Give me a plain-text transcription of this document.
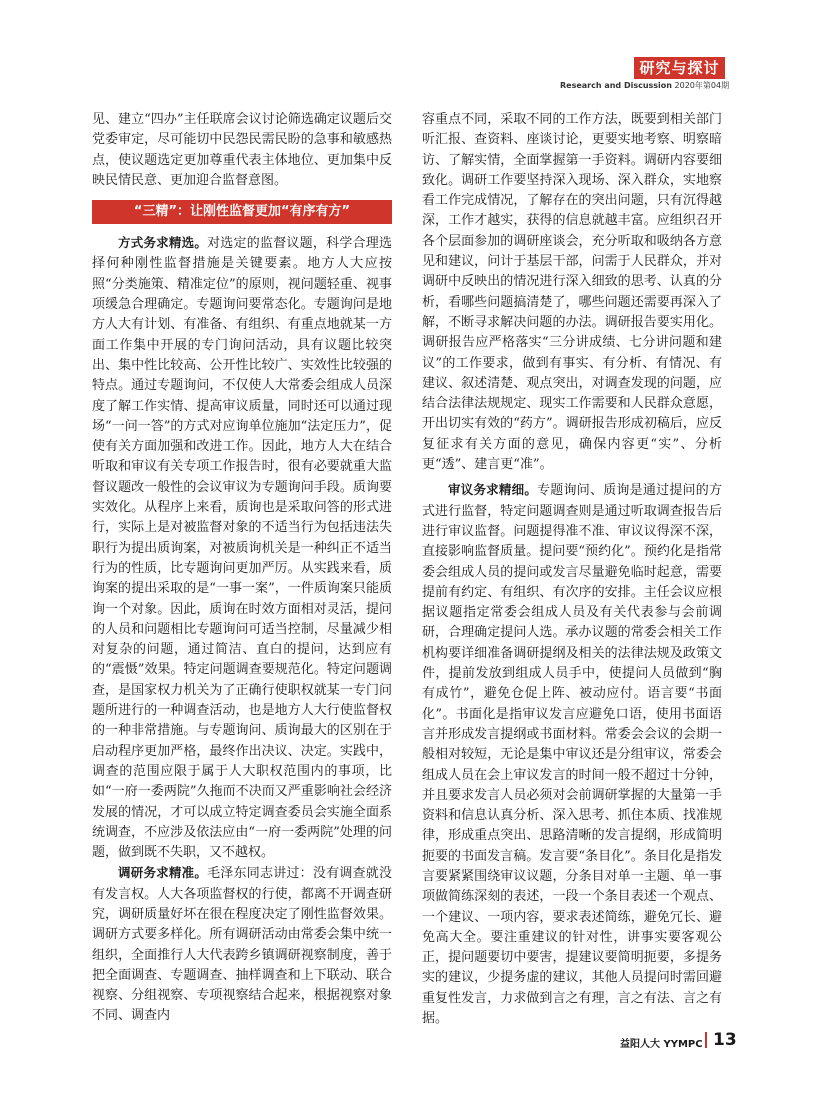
研究与探讨
Research and Discussion 2020年第04期

见、建立“四办”主任联席会议讨论筛选确定议题后交党委审定，尽可能切中民怨民需民盼的急事和敏感热点，使议题选定更加尊重代表主体地位、更加集中反映民情民意、更加迎合监督意图。

“三精”：让刚性监督更加“有序有方”

方式务求精选。对选定的监督议题，科学合理选择何种刚性监督措施是关键要素。地方人大应按照“分类施策、精准定位”的原则，视问题轻重、视事项缓急合理确定。专题询问要常态化。专题询问是地方人大有计划、有准备、有组织、有重点地就某一方面工作集中开展的专门询问活动，具有议题比较突出、集中性比较高、公开性比较广、实效性比较强的特点。通过专题询问，不仅使人大常委会组成人员深度了解工作实情、提高审议质量，同时还可以通过现场“一问一答”的方式对应询单位施加“法定压力”，促使有关方面加强和改进工作。因此，地方人大在结合听取和审议有关专项工作报告时，很有必要就重大监督议题改一般性的会议审议为专题询问手段。质询要实效化。从程序上来看，质询也是采取问答的形式进行，实际上是对被监督对象的不适当行为包括违法失职行为提出质询案，对被质询机关是一种纠正不适当行为的性质，比专题询问更加严厉。从实践来看，质询案的提出采取的是“一事一案”，一件质询案只能质询一个对象。因此，质询在时效方面相对灵活，提问的人员和问题相比专题询问可适当控制，尽量减少相对复杂的问题，通过简洁、直白的提问，达到应有的“震慑”效果。特定问题调查要规范化。特定问题调查，是国家权力机关为了正确行使职权就某一专门问题所进行的一种调查活动，也是地方人大行使监督权的一种非常措施。与专题询问、质询最大的区别在于启动程序更加严格，最终作出决议、决定。实践中，调查的范围应限于属于人大职权范围内的事项，比如“一府一委两院”久拖而不决而又严重影响社会经济发展的情况，才可以成立特定调查委员会实施全面系统调查，不应涉及依法应由“一府一委两院”处理的问题，做到既不失职，又不越权。

调研务求精准。毛泽东同志讲过：没有调查就没有发言权。人大各项监督权的行使，都离不开调查研究，调研质量好坏在很在程度决定了刚性监督效果。调研方式要多样化。所有调研活动由常委会集中统一组织，全面推行人大代表跨乡镇调研视察制度，善于把全面调查、专题调查、抽样调查和上下联动、联合视察、分组视察、专项视察结合起来，根据视察对象不同、调查内

容重点不同，采取不同的工作方法，既要到相关部门听汇报、查资料、座谈讨论，更要实地考察、明察暗访、了解实情，全面掌握第一手资料。调研内容要细致化。调研工作要坚持深入现场、深入群众，实地察看工作完成情况，了解存在的突出问题，只有沉得越深，工作才越实，获得的信息就越丰富。应组织召开各个层面参加的调研座谈会，充分听取和吸纳各方意见和建议，问计于基层干部，问需于人民群众，并对调研中反映出的情况进行深入细致的思考、认真的分析，看哪些问题搞清楚了，哪些问题还需要再深入了解，不断寻求解决问题的办法。调研报告要实用化。调研报告应严格落实“三分讲成绩、七分讲问题和建议”的工作要求，做到有事实、有分析、有情况、有建议、叙述清楚、观点突出，对调查发现的问题，应结合法律法规规定、现实工作需要和人民群众意愿，开出切实有效的“药方”。调研报告形成初稿后，应反复征求有关方面的意见，确保内容更“实”、分析更“透”、建言更“准”。

审议务求精细。专题询问、质询是通过提问的方式进行监督，特定问题调查则是通过听取调查报告后进行审议监督。问题提得准不准、审议议得深不深，直接影响监督质量。提问要“预约化”。预约化是指常委会组成人员的提问或发言尽量避免临时起意，需要提前有约定、有组织、有次序的安排。主任会议应根据议题指定常委会组成人员及有关代表参与会前调研，合理确定提问人选。承办议题的常委会相关工作机构要详细准备调研提纲及相关的法律法规及政策文件，提前发放到组成人员手中，使提问人员做到“胸有成竹”，避免仓促上阵、被动应付。语言要“书面化”。书面化是指审议发言应避免口语，使用书面语言并形成发言提纲或书面材料。常委会会议的会期一般相对较短，无论是集中审议还是分组审议，常委会组成人员在会上审议发言的时间一般不超过十分钟，并且要求发言人员必须对会前调研掌握的大量第一手资料和信息认真分析、深入思考、抓住本质、找准规律，形成重点突出、思路清晰的发言提纲，形成简明扼要的书面发言稿。发言要“条目化”。条目化是指发言要紧紧围绕审议议题，分条目对单一主题、单一事项做简练深刻的表述，一段一个条目表述一个观点、一个建议、一项内容，要求表述简练，避免冗长、避免高大全。要注重建议的针对性，讲事实要客观公正，提问题要切中要害，提建议要简明扼要，多提务实的建议，少提务虚的建议，其他人员提问时需回避重复性发言，力求做到言之有理，言之有法、言之有据。

益阳人大 YYMPC 13
